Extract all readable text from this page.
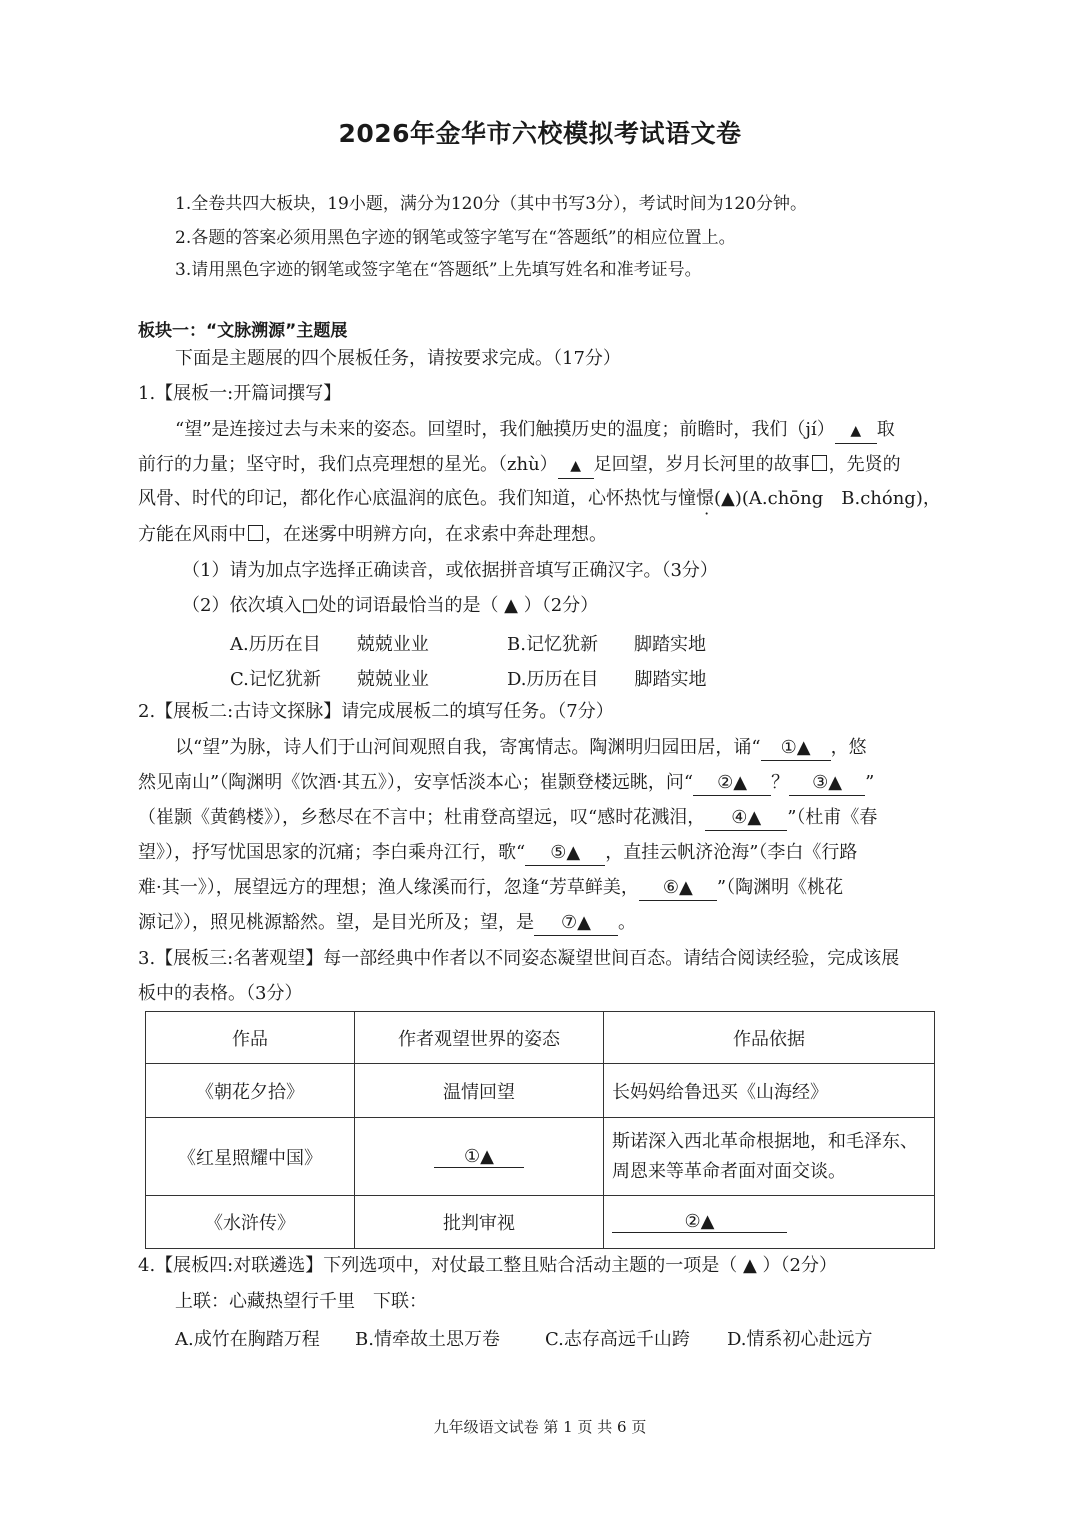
2026年金华市六校模拟考试语文卷
1.全卷共四大板块，19小题，满分为120分（其中书写3分），考试时间为120分钟。
2.各题的答案必须用黑色字迹的钢笔或签字笔写在“答题纸”的相应位置上。
3.请用黑色字迹的钢笔或签字笔在“答题纸”上先填写姓名和准考证号。
板块一：“文脉溯源”主题展
下面是主题展的四个展板任务，请按要求完成。（17分）
1.【展板一:开篇词撰写】
“望”是连接过去与未来的姿态。回望时，我们触摸历史的温度；前瞻时，我们（jí） ▲ 取
前行的力量；坚守时，我们点亮理想的星光。（zhù） ▲ 足回望，岁月长河里的故事 ，先贤的
风骨、时代的印记，都化作心底温润的底色。我们知道，心怀热忱与憧憬(▲)(A.chōng　B.chóng)，
方能在风雨中 ，在迷雾中明辨方向，在求索中奔赴理想。
（1）请为加点字选择正确读音，或依据拼音填写正确汉字。（3分）
（2）依次填入□处的词语最恰当的是（ ▲ ）（2分）
A.历历在目　　兢兢业业	B.记忆犹新　　脚踏实地
C.记忆犹新　　兢兢业业	D.历历在目　　脚踏实地
2.【展板二:古诗文探脉】请完成展板二的填写任务。（7分）
以“望”为脉，诗人们于山河间观照自我，寄寓情志。陶渊明归园田居，诵“ ①▲ ，悠
然见南山”（陶渊明《饮酒·其五》），安享恬淡本心；崔颢登楼远眺，问“ ②▲ ？ ③▲ ”
（崔颢《黄鹤楼》），乡愁尽在不言中；杜甫登高望远，叹“感时花溅泪， ④▲ ”（杜甫《春
望》），抒写忧国思家的沉痛；李白乘舟江行，歌“ ⑤▲ ，直挂云帆济沧海”（李白《行路
难·其一》），展望远方的理想；渔人缘溪而行，忽逢“芳草鲜美， ⑥▲ ”（陶渊明《桃花
源记》），照见桃源豁然。望，是目光所及；望，是 ⑦▲ 。
3.【展板三:名著观望】每一部经典中作者以不同姿态凝望世间百态。请结合阅读经验，完成该展
板中的表格。（3分）
作品	作者观望世界的姿态	作品依据
《朝花夕拾》	温情回望	长妈妈给鲁迅买《山海经》
《红星照耀中国》	①▲	斯诺深入西北革命根据地，和毛泽东、周恩来等革命者面对面交谈。
《水浒传》	批判审视	②▲
4.【展板四:对联遴选】下列选项中，对仗最工整且贴合活动主题的一项是（ ▲ ）（2分）
上联：心藏热望行千里　下联：
A.成竹在胸踏万程 B.情牵故土思万卷	C.志存高远千山跨 D.情系初心赴远方
九年级语文试卷 第 1 页 共 6 页
